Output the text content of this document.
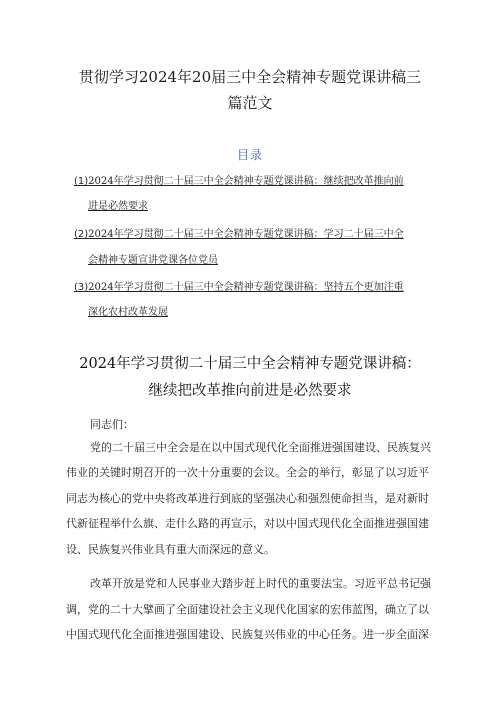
贯彻学习2024年20届三中全会精神专题党课讲稿三
篇范文
目录
(1)2024年学习贯彻二十届三中全会精神专题党课讲稿：继续把改革推向前
进是必然要求
(2)2024年学习贯彻二十届三中全会精神专题党课讲稿：学习二十届三中全
会精神专题宣讲党课各位党员
(3)2024年学习贯彻二十届三中全会精神专题党课讲稿：坚持五个更加注重
深化农村改革发展
2024年学习贯彻二十届三中全会精神专题党课讲稿：
继续把改革推向前进是必然要求
同志们：
党的二十届三中全会是在以中国式现代化全面推进强国建设、民族复兴
伟业的关键时期召开的一次十分重要的会议。全会的举行，彰显了以习近平
同志为核心的党中央将改革进行到底的坚强决心和强烈使命担当，是对新时
代新征程举什么旗、走什么路的再宣示，对以中国式现代化全面推进强国建
设、民族复兴伟业具有重大而深远的意义。
改革开放是党和人民事业大踏步赶上时代的重要法宝。习近平总书记强
调，党的二十大擘画了全面建设社会主义现代化国家的宏伟蓝图，确立了以
中国式现代化全面推进强国建设、民族复兴伟业的中心任务。进一步全面深
